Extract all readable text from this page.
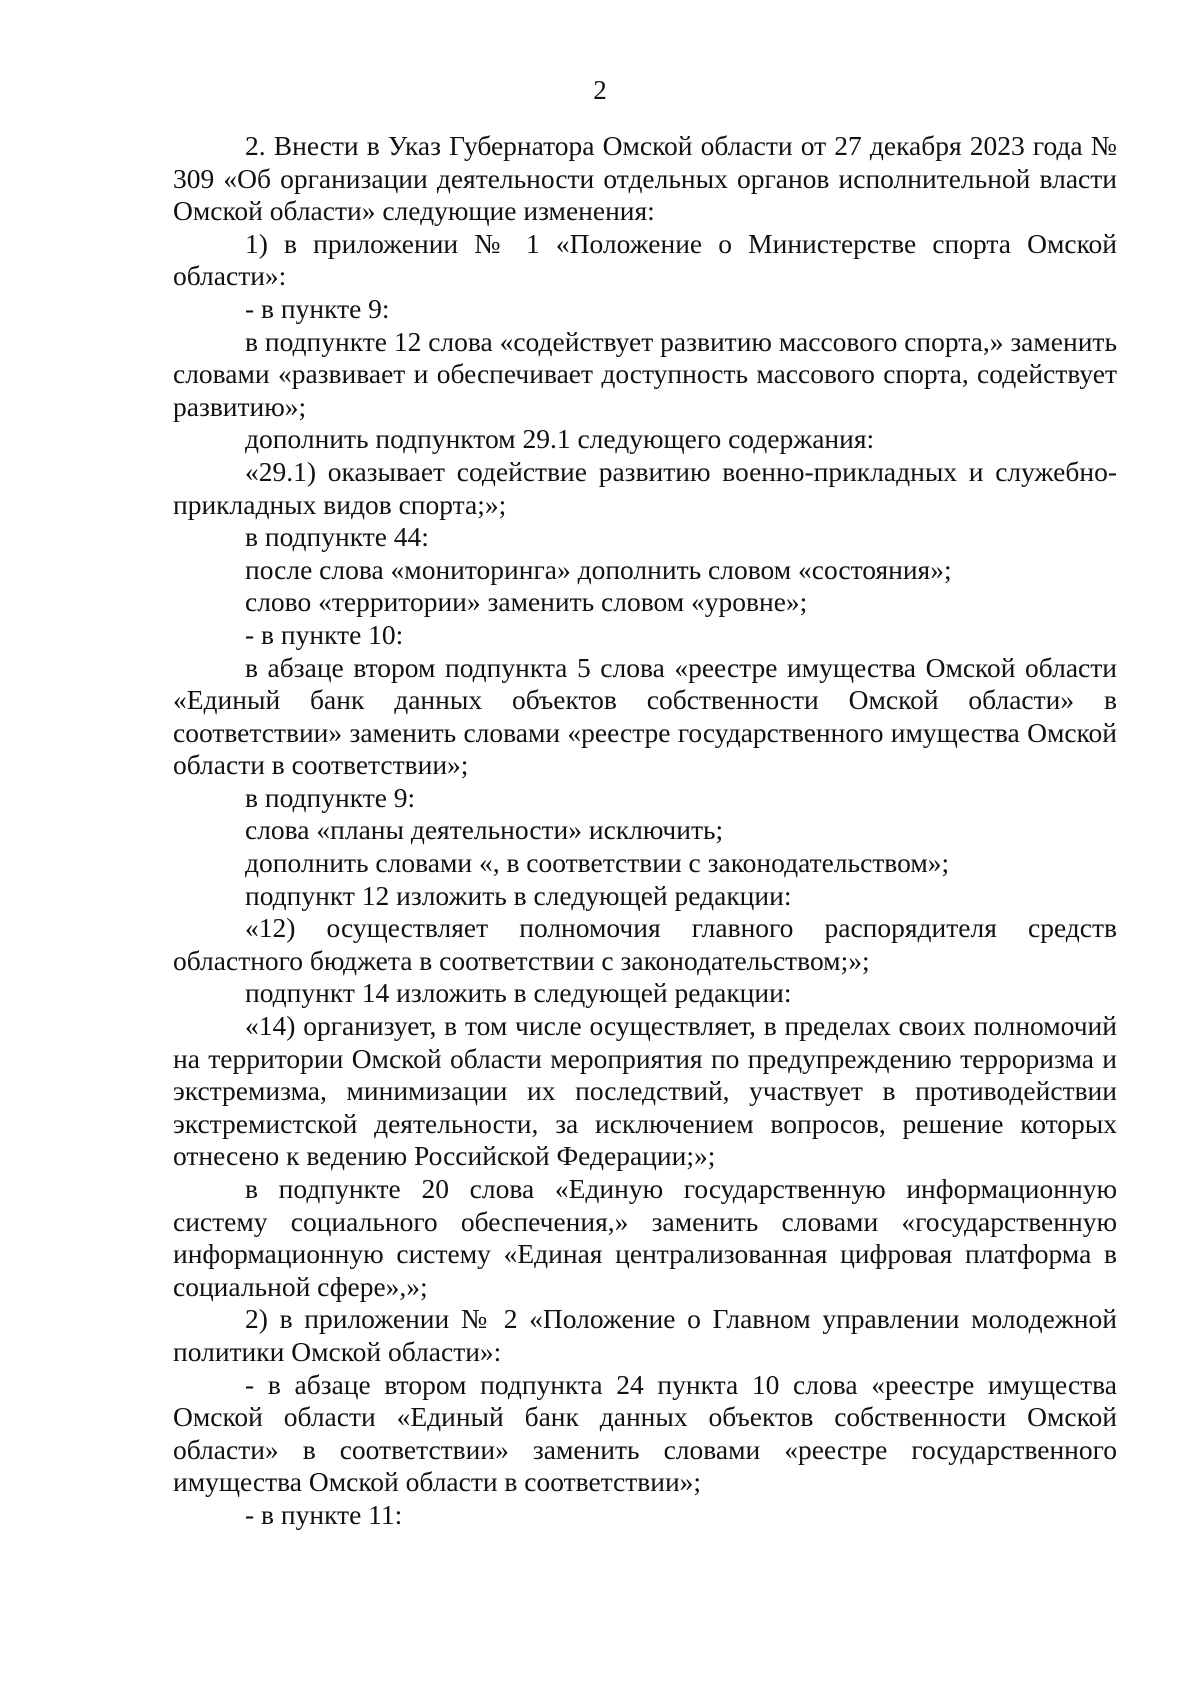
2

2. Внести в Указ Губернатора Омской области от 27 декабря 2023 года № 309 «Об организации деятельности отдельных органов исполнительной власти Омской области» следующие изменения:

1) в приложении № 1 «Положение о Министерстве спорта Омской области»:

- в пункте 9:

в подпункте 12 слова «содействует развитию массового спорта,» заменить словами «развивает и обеспечивает доступность массового спорта, содействует развитию»;

дополнить подпунктом 29.1 следующего содержания:

«29.1) оказывает содействие развитию военно-прикладных и служебно-прикладных видов спорта;»;

в подпункте 44:

после слова «мониторинга» дополнить словом «состояния»;

слово «территории» заменить словом «уровне»;

- в пункте 10:

в абзаце втором подпункта 5 слова «реестре имущества Омской области «Единый банк данных объектов собственности Омской области» в соответствии» заменить словами «реестре государственного имущества Омской области в соответствии»;

в подпункте 9:

слова «планы деятельности» исключить;

дополнить словами «, в соответствии с законодательством»;

подпункт 12 изложить в следующей редакции:

«12) осуществляет полномочия главного распорядителя средств областного бюджета в соответствии с законодательством;»;

подпункт 14 изложить в следующей редакции:

«14) организует, в том числе осуществляет, в пределах своих полномочий на территории Омской области мероприятия по предупреждению терроризма и экстремизма, минимизации их последствий, участвует в противодействии экстремистской деятельности, за исключением вопросов, решение которых отнесено к ведению Российской Федерации;»;

в подпункте 20 слова «Единую государственную информационную систему социального обеспечения,» заменить словами «государственную информационную систему «Единая централизованная цифровая платформа в социальной сфере»,»;

2) в приложении № 2 «Положение о Главном управлении молодежной политики Омской области»:

- в абзаце втором подпункта 24 пункта 10 слова «реестре имущества Омской области «Единый банк данных объектов собственности Омской области» в соответствии» заменить словами «реестре государственного имущества Омской области в соответствии»;

- в пункте 11:
